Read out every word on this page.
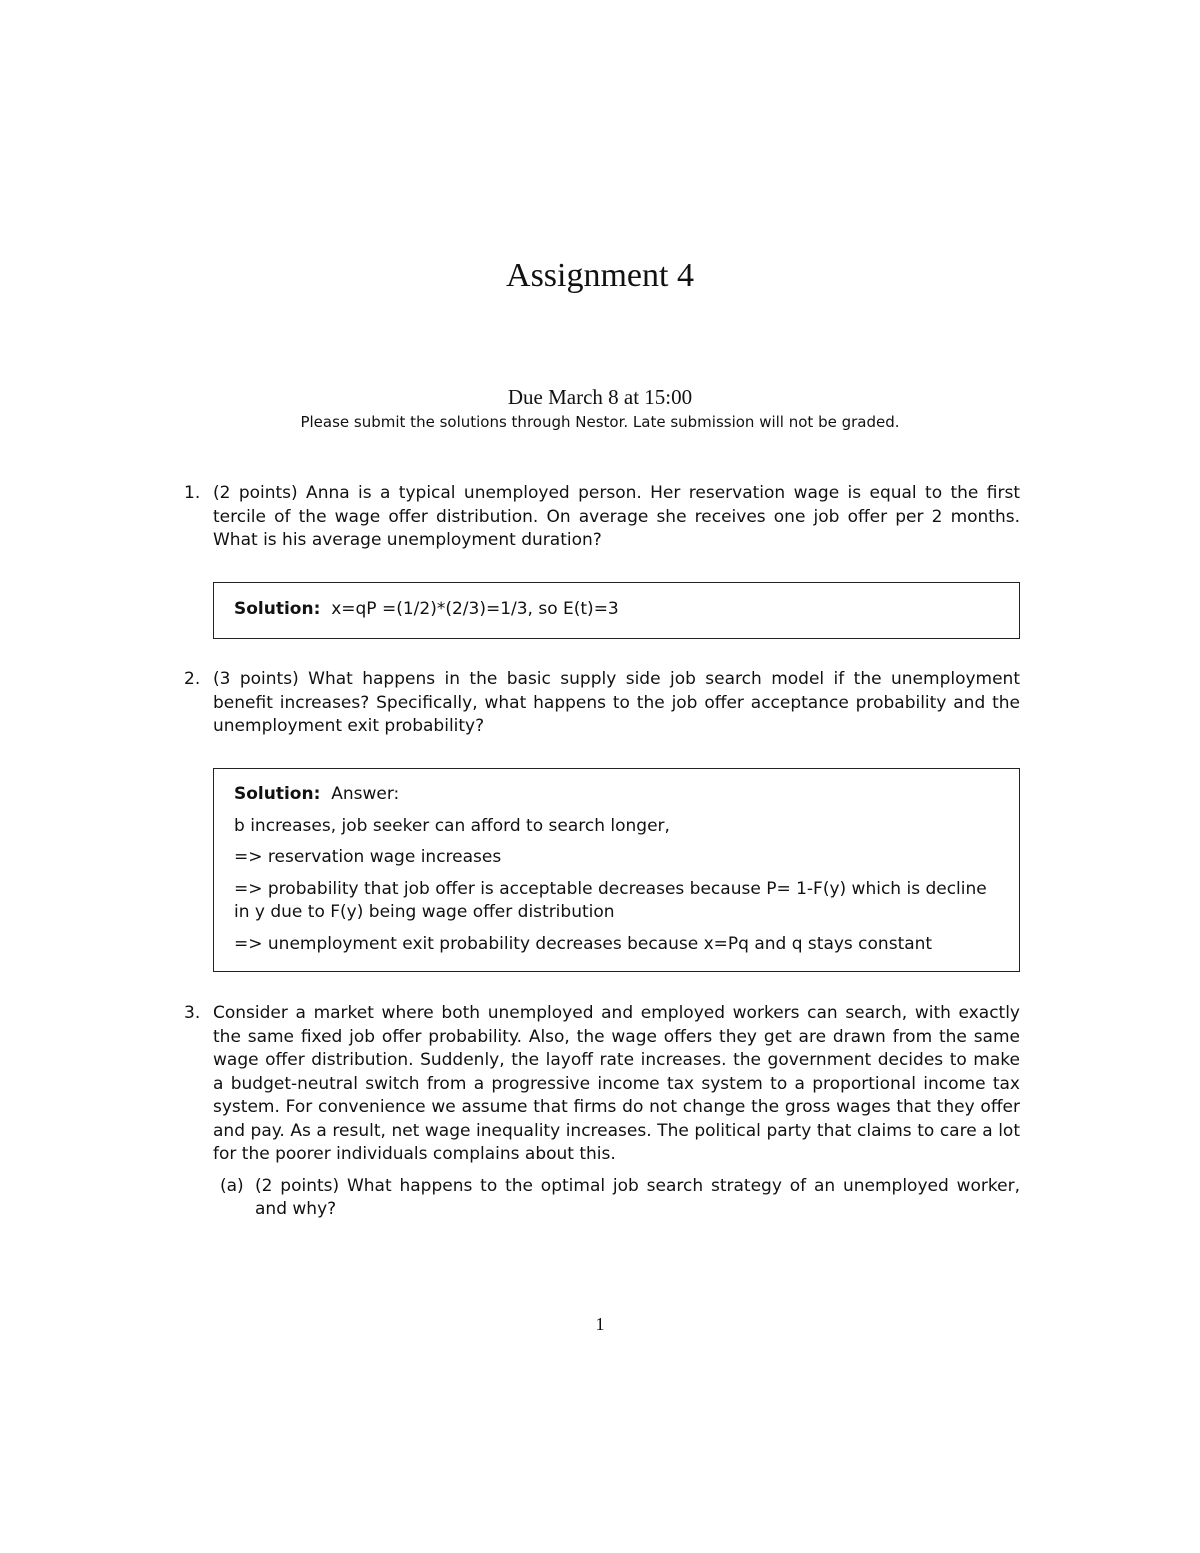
Assignment 4
Due March 8 at 15:00
Please submit the solutions through Nestor. Late submission will not be graded.
1. (2 points) Anna is a typical unemployed person. Her reservation wage is equal to the first tercile of the wage offer distribution. On average she receives one job offer per 2 months. What is his average unemployment duration?

Solution: x=qP =(1/2)*(2/3)=1/3, so E(t)=3

2. (3 points) What happens in the basic supply side job search model if the unemployment benefit increases? Specifically, what happens to the job offer acceptance probability and the unemployment exit probability?

Solution: Answer:

b increases, job seeker can afford to search longer,

=> reservation wage increases

=> probability that job offer is acceptable decreases because P= 1-F(y) which is decline in y due to F(y) being wage offer distribution

=> unemployment exit probability decreases because x=Pq and q stays constant

3. Consider a market where both unemployed and employed workers can search, with exactly the same fixed job offer probability. Also, the wage offers they get are drawn from the same wage offer distribution. Suddenly, the layoff rate increases. the government decides to make a budget-neutral switch from a progressive income tax system to a proportional income tax system. For convenience we assume that firms do not change the gross wages that they offer and pay. As a result, net wage inequality increases. The political party that claims to care a lot for the poorer individuals complains about this.
(a) (2 points) What happens to the optimal job search strategy of an unemployed worker, and why?
1
